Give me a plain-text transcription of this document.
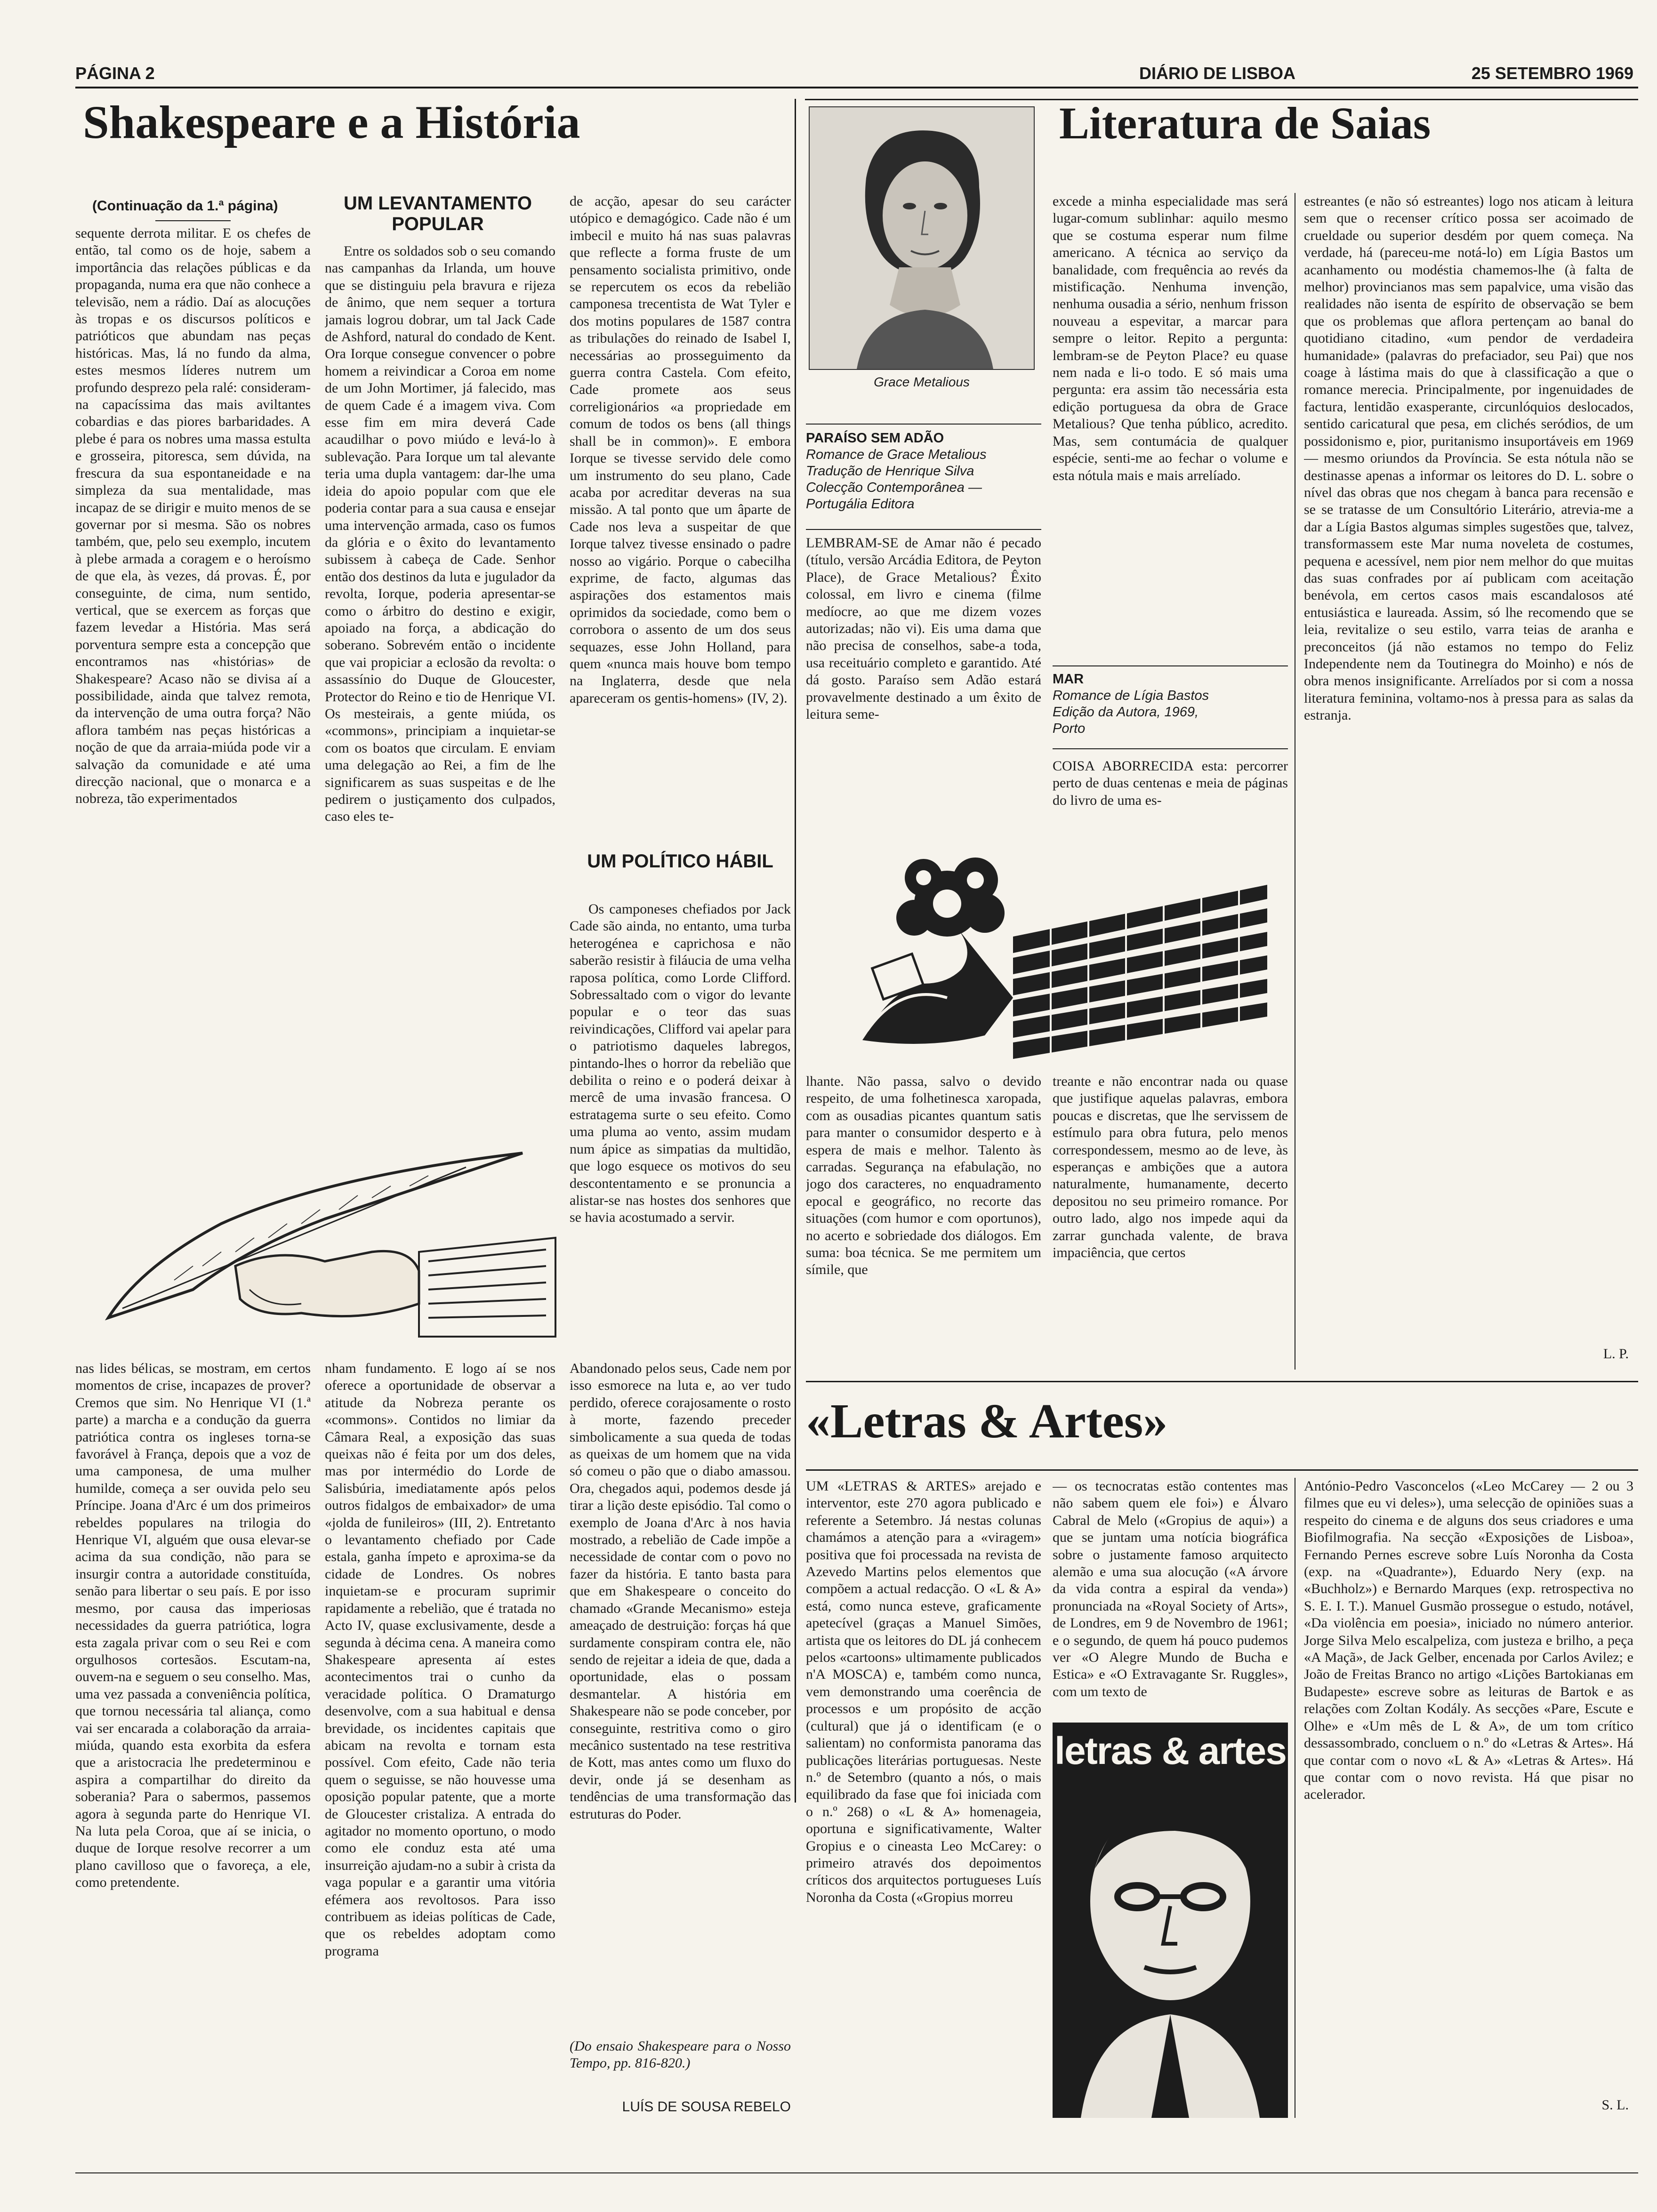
PÁGINA 2	DIÁRIO DE LISBOA	25 SETEMBRO 1969
Shakespeare e a História
(Continuação da 1.ª página)

sequente derrota militar. E os chefes de então, tal como os de hoje, sabem a importância das relações públicas e da propaganda, numa era que não conhece a televisão, nem a rádio. Daí as alocuções às tropas e os discursos políticos e patrióticos que abundam nas peças históricas. Mas, lá no fundo da alma, estes mesmos líderes nutrem um profundo desprezo pela ralé: consideram-na capacíssima das mais aviltantes cobardias e das piores barbaridades. A plebe é para os nobres uma massa estulta e grosseira, pitoresca, sem dúvida, na frescura da sua espontaneidade e na simpleza da sua mentalidade, mas incapaz de se dirigir e muito menos de se governar por si mesma. São os nobres também, que, pelo seu exemplo, incutem à plebe armada a coragem e o heroísmo de que ela, às vezes, dá provas. É, por conseguinte, de cima, num sentido, vertical, que se exercem as forças que fazem levedar a História. Mas será porventura sempre esta a concepção que encontramos nas «histórias» de Shakespeare? Acaso não se divisa aí a possibilidade, ainda que talvez remota, da intervenção de uma outra força? Não aflora também nas peças históricas a noção de que da arraia-miúda pode vir a salvação da comunidade e até uma direcção nacional, que o monarca e a nobreza, tão experimentados

UM LEVANTAMENTO POPULAR

Entre os soldados sob o seu comando nas campanhas da Irlanda, um houve que se distinguiu pela bravura e rijeza de ânimo, que nem sequer a tortura jamais logrou dobrar, um tal Jack Cade de Ashford, natural do condado de Kent. Ora Iorque consegue convencer o pobre homem a reivindicar a Coroa em nome de um John Mortimer, já falecido, mas de quem Cade é a imagem viva. Com esse fim em mira deverá Cade acaudilhar o povo miúdo e levá-lo à sublevação. Para Iorque um tal alevante teria uma dupla vantagem: dar-lhe uma ideia do apoio popular com que ele poderia contar para a sua causa e ensejar uma intervenção armada, caso os fumos da glória e o êxito do levantamento subissem à cabeça de Cade. Senhor então dos destinos da luta e jugulador da revolta, Iorque, poderia apresentar-se como o árbitro do destino e exigir, apoiado na força, a abdicação do soberano. Sobrevém então o incidente que vai propiciar a eclosão da revolta: o assassínio do Duque de Gloucester, Protector do Reino e tio de Henrique VI. Os mesteirais, a gente miúda, os «commons», principiam a inquietar-se com os boatos que circulam. E enviam uma delegação ao Rei, a fim de lhe significarem as suas suspeitas e de lhe pedirem o justiçamento dos culpados, caso eles te-

de acção, apesar do seu carácter utópico e demagógico. Cade não é um imbecil e muito há nas suas palavras que reflecte a forma fruste de um pensamento socialista primitivo, onde se repercutem os ecos da rebelião camponesa trecentista de Wat Tyler e dos motins populares de 1587 contra as tribulações do reinado de Isabel I, necessárias ao prosseguimento da guerra contra Castela. Com efeito, Cade promete aos seus correligionários «a propriedade em comum de todos os bens (all things shall be in common)». E embora Iorque se tivesse servido dele como um instrumento do seu plano, Cade acaba por acreditar deveras na sua missão. A tal ponto que um âparte de Cade nos leva a suspeitar de que Iorque talvez tivesse ensinado o padre nosso ao vigário. Porque o cabecilha exprime, de facto, algumas das aspirações dos estamentos mais oprimidos da sociedade, como bem o corrobora o assento de um dos seus sequazes, esse John Holland, para quem «nunca mais houve bom tempo na Inglaterra, desde que nela apareceram os gentis-homens» (IV, 2).

UM POLÍTICO HÁBIL

Os camponeses chefiados por Jack Cade são ainda, no entanto, uma turba heterogénea e caprichosa e não saberão resistir à filáucia de uma velha raposa política, como Lorde Clifford. Sobressaltado com o vigor do levante popular e o teor das suas reivindicações, Clifford vai apelar para o patriotismo daqueles labregos, pintando-lhes o horror da rebelião que debilita o reino e o poderá deixar à mercê de uma invasão francesa. O estratagema surte o seu efeito. Como uma pluma ao vento, assim mudam num ápice as simpatias da multidão, que logo esquece os motivos do seu descontentamento e se pronuncia a alistar-se nas hostes dos senhores que se havia acostumado a servir.

nas lides bélicas, se mostram, em certos momentos de crise, incapazes de prover? Cremos que sim. No Henrique VI (1.ª parte) a marcha e a condução da guerra patriótica contra os ingleses torna-se favorável à França, depois que a voz de uma camponesa, de uma mulher humilde, começa a ser ouvida pelo seu Príncipe. Joana d'Arc é um dos primeiros rebeldes populares na trilogia do Henrique VI, alguém que ousa elevar-se acima da sua condição, não para se insurgir contra a autoridade constituída, senão para libertar o seu país. E por isso mesmo, por causa das imperiosas necessidades da guerra patriótica, logra esta zagala privar com o seu Rei e com orgulhosos cortesãos. Escutam-na, ouvem-na e seguem o seu conselho. Mas, uma vez passada a conveniência política, que tornou necessária tal aliança, como vai ser encarada a colaboração da arraia-miúda, quando esta exorbita da esfera que a aristocracia lhe predeterminou e aspira a compartilhar do direito da soberania? Para o sabermos, passemos agora à segunda parte do Henrique VI. Na luta pela Coroa, que aí se inicia, o duque de Iorque resolve recorrer a um plano cavilloso que o favoreça, a ele, como pretendente.

nham fundamento. E logo aí se nos oferece a oportunidade de observar a atitude da Nobreza perante os «commons». Contidos no limiar da Câmara Real, a exposição das suas queixas não é feita por um dos deles, mas por intermédio do Lorde de Salisbúria, imediatamente após pelos outros fidalgos de embaixador» de uma «jolda de funileiros» (III, 2). Entretanto o levantamento chefiado por Cade estala, ganha ímpeto e aproxima-se da cidade de Londres. Os nobres inquietam-se e procuram suprimir rapidamente a rebelião, que é tratada no Acto IV, quase exclusivamente, desde a segunda à décima cena. A maneira como Shakespeare apresenta aí estes acontecimentos trai o cunho da veracidade política. O Dramaturgo desenvolve, com a sua habitual e densa brevidade, os incidentes capitais que abicam na revolta e tornam esta possível. Com efeito, Cade não teria quem o seguisse, se não houvesse uma oposição popular patente, que a morte de Gloucester cristaliza. A entrada do agitador no momento oportuno, o modo como ele conduz esta até uma insurreição ajudam-no a subir à crista da vaga popular e a garantir uma vitória efémera aos revoltosos. Para isso contribuem as ideias políticas de Cade, que os rebeldes adoptam como programa

Abandonado pelos seus, Cade nem por isso esmorece na luta e, ao ver tudo perdido, oferece corajosamente o rosto à morte, fazendo preceder simbolicamente a sua queda de todas as queixas de um homem que na vida só comeu o pão que o diabo amassou. Ora, chegados aqui, podemos desde já tirar a lição deste episódio. Tal como o exemplo de Joana d'Arc à nos havia mostrado, a rebelião de Cade impõe a necessidade de contar com o povo no fazer da história. E tanto basta para que em Shakespeare o conceito do chamado «Grande Mecanismo» esteja ameaçado de destruição: forças há que surdamente conspiram contra ele, não sendo de rejeitar a ideia de que, dada a oportunidade, elas o possam desmantelar. A história em Shakespeare não se pode conceber, por conseguinte, restritiva como o giro mecânico sustentado na tese restritiva de Kott, mas antes como um fluxo do devir, onde já se desenham as tendências de uma transformação das estruturas do Poder.

(Do ensaio Shakespeare para o Nosso Tempo, pp. 816-820.)

LUÍS DE SOUSA REBELO
Grace Metalious
Literatura de Saias
PARAÍSO SEM ADÃO
Romance de Grace Metalious
Tradução de Henrique Silva
Colecção Contemporânea —
Portugália Editora

LEMBRAM-SE de Amar não é pecado (título, versão Arcádia Editora, de Peyton Place), de Grace Metalious? Êxito colossal, em livro e cinema (filme medíocre, ao que me dizem vozes autorizadas; não vi). Eis uma dama que não precisa de conselhos, sabe-a toda, usa receituário completo e garantido. Até dá gosto. Paraíso sem Adão estará provavelmente destinado a um êxito de leitura seme-

excede a minha especialidade mas será lugar-comum sublinhar: aquilo mesmo que se costuma esperar num filme americano. A técnica ao serviço da banalidade, com frequência ao revés da mistificação. Nenhuma invenção, nenhuma ousadia a sério, nenhum frisson nouveau a espevitar, a marcar para sempre o leitor. Repito a pergunta: lembram-se de Peyton Place? eu quase nem nada e li-o todo. E só mais uma pergunta: era assim tão necessária esta edição portuguesa da obra de Grace Metalious? Que tenha público, acredito. Mas, sem contumácia de qualquer espécie, senti-me ao fechar o volume e esta nótula mais e mais arrelíado.

MAR
Romance de Lígia Bastos
Edição da Autora, 1969,
Porto

COISA ABORRECIDA esta: percorrer perto de duas centenas e meia de páginas do livro de uma es-

lhante. Não passa, salvo o devido respeito, de uma folhetinesca xaropada, com as ousadias picantes quantum satis para manter o consumidor desperto e à espera de mais e melhor. Talento às carradas. Segurança na efabulação, no jogo dos caracteres, no enquadramento epocal e geográfico, no recorte das situações (com humor e com oportunos), no acerto e sobriedade dos diálogos. Em suma: boa técnica. Se me permitem um símile, que

treante e não encontrar nada ou quase que justifique aquelas palavras, embora poucas e discretas, que lhe servissem de estímulo para obra futura, pelo menos correspondessem, mesmo ao de leve, às esperanças e ambições que a autora naturalmente, humanamente, decerto depositou no seu primeiro romance. Por outro lado, algo nos impede aqui da zarrar gunchada valente, de brava impaciência, que certos

estreantes (e não só estreantes) logo nos aticam à leitura sem que o recenser crítico possa ser acoimado de crueldade ou superior desdém por quem começa. Na verdade, há (pareceu-me notá-lo) em Lígia Bastos um acanhamento ou modéstia chamemos-lhe (à falta de melhor) provincianos mas sem papalvice, uma visão das realidades não isenta de espírito de observação se bem que os problemas que aflora pertençam ao banal do quotidiano citadino, «um pendor de verdadeira humanidade» (palavras do prefaciador, seu Pai) que nos coage à lástima mais do que à classificação a que o romance merecia. Principalmente, por ingenuidades de factura, lentidão exasperante, circunlóquios deslocados, sentido caricatural que pesa, em clichés seródios, de um possidonismo e, pior, puritanismo insuportáveis em 1969 — mesmo oriundos da Província. Se esta nótula não se destinasse apenas a informar os leitores do D. L. sobre o nível das obras que nos chegam à banca para recensão e se se tratasse de um Consultório Literário, atrevia-me a dar a Lígia Bastos algumas simples sugestões que, talvez, transformassem este Mar numa noveleta de costumes, pequena e acessível, nem pior nem melhor do que muitas das suas confrades por aí publicam com aceitação benévola, em certos casos mais escandalosos até entusiástica e laureada. Assim, só lhe recomendo que se leia, revitalize o seu estilo, varra teias de aranha e preconceitos (já não estamos no tempo do Feliz Independente nem da Toutinegra do Moinho) e nós de obra menos insignificante. Arrelíados por si com a nossa literatura feminina, voltamo-nos à pressa para as salas da estranja.

L. P.
«Letras & Artes»

UM «LETRAS & ARTES» arejado e interventor, este 270 agora publicado e referente a Setembro. Já nestas colunas chamámos a atenção para a «viragem» positiva que foi processada na revista de Azevedo Martins pelos elementos que compõem a actual redacção. O «L & A» está, como nunca esteve, graficamente apetecível (graças a Manuel Simões, artista que os leitores do DL já conhecem pelos «cartoons» ultimamente publicados n'A MOSCA) e, também como nunca, vem demonstrando uma coerência de processos e um propósito de acção (cultural) que já o identificam (e o salientam) no conformista panorama das publicações literárias portuguesas. Neste n.º de Setembro (quanto a nós, o mais equilibrado da fase que foi iniciada com o n.º 268) o «L & A» homenageia, oportuna e significativamente, Walter Gropius e o cineasta Leo McCarey: o primeiro através dos depoimentos críticos dos arquitectos portugueses Luís Noronha da Costa («Gropius morreu

— os tecnocratas estão contentes mas não sabem quem ele foi») e Álvaro Cabral de Melo («Gropius de aqui») a que se juntam uma notícia biográfica sobre o justamente famoso arquitecto alemão e uma sua alocução («A árvore da vida contra a espiral da venda») pronunciada na «Royal Society of Arts», de Londres, em 9 de Novembro de 1961; e o segundo, de quem há pouco pudemos ver «O Alegre Mundo de Bucha e Estica» e «O Extravagante Sr. Ruggles», com um texto de

letras & artes

António-Pedro Vasconcelos («Leo McCarey — 2 ou 3 filmes que eu vi deles»), uma selecção de opiniões suas a respeito do cinema e de alguns dos seus criadores e uma Biofilmografia. Na secção «Exposições de Lisboa», Fernando Pernes escreve sobre Luís Noronha da Costa (exp. na «Quadrante»), Eduardo Nery (exp. na «Buchholz») e Bernardo Marques (exp. retrospectiva no S. E. I. T.). Manuel Gusmão prossegue o estudo, notável, «Da violência em poesia», iniciado no número anterior. Jorge Silva Melo escalpeliza, com justeza e brilho, a peça «A Maçã», de Jack Gelber, encenada por Carlos Avilez; e João de Freitas Branco no artigo «Lições Bartokianas em Budapeste» escreve sobre as leituras de Bartok e as relações com Zoltan Kodály. As secções «Pare, Escute e Olhe» e «Um mês de L & A», de um tom crítico dessassombrado, concluem o n.º do «Letras & Artes». Há que contar com o novo «L & A» «Letras & Artes». Há que contar com o novo revista. Há que pisar no acelerador.

S. L.
